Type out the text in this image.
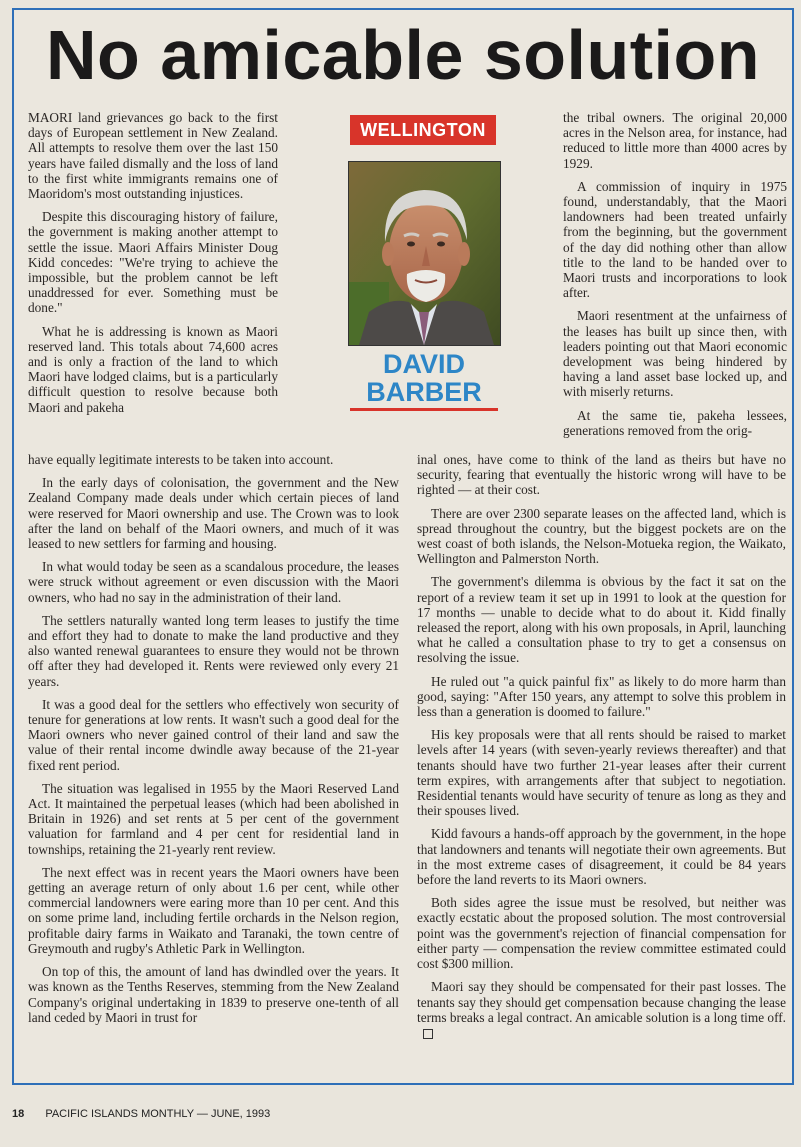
No amicable solution

MAORI land grievances go back to the first days of European settlement in New Zealand. All attempts to resolve them over the last 150 years have failed dismally and the loss of land to the first white immigrants remains one of Maoridom's most outstanding injustices.

Despite this discouraging history of failure, the government is making another attempt to settle the issue. Maori Affairs Minister Doug Kidd concedes: "We're trying to achieve the impossible, but the problem cannot be left unaddressed for ever. Something must be done."

What he is addressing is known as Maori reserved land. This totals about 74,600 acres and is only a fraction of the land to which Maori have lodged claims, but is a particularly difficult question to resolve because both Maori and pakeha

WELLINGTON
DAVID
BARBER

the tribal owners. The original 20,000 acres in the Nelson area, for instance, had reduced to little more than 4000 acres by 1929.

A commission of inquiry in 1975 found, understandably, that the Maori landowners had been treated unfairly from the beginning, but the government of the day did nothing other than allow title to the land to be handed over to Maori trusts and incorporations to look after.

Maori resentment at the unfairness of the leases has built up since then, with leaders pointing out that Maori economic development was being hindered by having a land asset base locked up, and with miserly returns.

At the same tie, pakeha lessees, generations removed from the orig-

have equally legitimate interests to be taken into account.

In the early days of colonisation, the government and the New Zealand Company made deals under which certain pieces of land were reserved for Maori ownership and use. The Crown was to look after the land on behalf of the Maori owners, and much of it was leased to new settlers for farming and housing.

In what would today be seen as a scandalous procedure, the leases were struck without agreement or even discussion with the Maori owners, who had no say in the administration of their land.

The settlers naturally wanted long term leases to justify the time and effort they had to donate to make the land productive and they also wanted renewal guarantees to ensure they would not be thrown off after they had developed it. Rents were reviewed only every 21 years.

It was a good deal for the settlers who effectively won security of tenure for generations at low rents. It wasn't such a good deal for the Maori owners who never gained control of their land and saw the value of their rental income dwindle away because of the 21-year fixed rent period.

The situation was legalised in 1955 by the Maori Reserved Land Act. It maintained the perpetual leases (which had been abolished in Britain in 1926) and set rents at 5 per cent of the government valuation for farmland and 4 per cent for residential land in townships, retaining the 21-yearly rent review.

The next effect was in recent years the Maori owners have been getting an average return of only about 1.6 per cent, while other commercial landowners were earing more than 10 per cent. And this on some prime land, including fertile orchards in the Nelson region, profitable dairy farms in Waikato and Taranaki, the town centre of Greymouth and rugby's Athletic Park in Wellington.

On top of this, the amount of land has dwindled over the years. It was known as the Tenths Reserves, stemming from the New Zealand Company's original undertaking in 1839 to preserve one-tenth of all land ceded by Maori in trust for

inal ones, have come to think of the land as theirs but have no security, fearing that eventually the historic wrong will have to be righted — at their cost.

There are over 2300 separate leases on the affected land, which is spread throughout the country, but the biggest pockets are on the west coast of both islands, the Nelson-Motueka region, the Waikato, Wellington and Palmerston North.

The government's dilemma is obvious by the fact it sat on the report of a review team it set up in 1991 to look at the question for 17 months — unable to decide what to do about it. Kidd finally released the report, along with his own proposals, in April, launching what he called a consultation phase to try to get a consensus on resolving the issue.

He ruled out "a quick painful fix" as likely to do more harm than good, saying: "After 150 years, any attempt to solve this problem in less than a generation is doomed to failure."

His key proposals were that all rents should be raised to market levels after 14 years (with seven-yearly reviews thereafter) and that tenants should have two further 21-year leases after their current term expires, with arrangements after that subject to negotiation. Residential tenants would have security of tenure as long as they and their spouses lived.

Kidd favours a hands-off approach by the government, in the hope that landowners and tenants will negotiate their own agreements. But in the most extreme cases of disagreement, it could be 84 years before the land reverts to its Maori owners.

Both sides agree the issue must be resolved, but neither was exactly ecstatic about the proposed solution. The most controversial point was the government's rejection of financial compensation for either party — compensation the review committee estimated could cost $300 million.

Maori say they should be compensated for their past losses. The tenants say they should get compensation because changing the lease terms breaks a legal contract. An amicable solution is a long time off.

18 PACIFIC ISLANDS MONTHLY — JUNE, 1993
